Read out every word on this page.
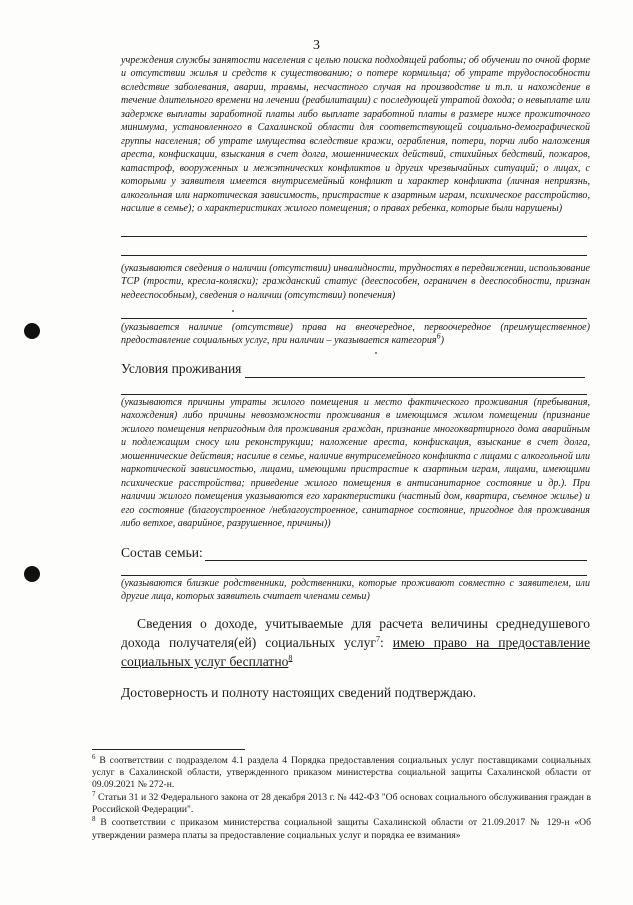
3
учреждения службы занятости населения с целью поиска подходящей работы; об обучении по очной форме и отсутствии жилья и средств к существованию; о потере кормильца; об утрате трудоспособности вследствие заболевания, аварии, травмы, несчастного случая на производстве и т.п. и нахождение в течение длительного времени на лечении (реабилитации) с последующей утратой дохода; о невыплате или задержке выплаты заработной платы либо выплате заработной платы в размере ниже прожиточного минимума, установленного в Сахалинской области для соответствующей социально-демографической группы населения; об утрате имущества вследствие кражи, ограбления, потери, порчи либо наложения ареста, конфискации, взыскания в счет долга, мошеннических действий, стихийных бедствий, пожаров, катастроф, вооруженных и межэтнических конфликтов и других чрезвычайных ситуаций; о лицах, с которыми у заявителя имеется внутрисемейный конфликт и характер конфликта (личная неприязнь, алкогольная или наркотическая зависимость, пристрастие к азартным играм, психическое расстройство, насилие в семье); о характеристиках жилого помещения; о правах ребенка, которые были нарушены)
(указываются сведения о наличии (отсутствии) инвалидности, трудностях в передвижении, использование ТСР (трости, кресла-коляски); гражданский статус (дееспособен, ограничен в дееспособности, признан недееспособным), сведения о наличии (отсутствии) попечения)
(указывается наличие (отсутствие) права на внеочередное, первоочередное (преимущественное) предоставление социальных услуг, при наличии – указывается категория$^6$)
Условия проживания
(указываются причины утраты жилого помещения и место фактического проживания (пребывания, нахождения) либо причины невозможности проживания в имеющимся жилом помещении (признание жилого помещения непригодным для проживания граждан, признание многоквартирного дома аварийным и подлежащим сносу или реконструкции; наложение ареста, конфискация, взыскание в счет долга, мошеннические действия; насилие в семье, наличие внутрисемейного конфликта с лицами с алкогольной или наркотической зависимостью, лицами, имеющими пристрастие к азартным играм, лицами, имеющими психические расстройства; приведение жилого помещения в антисанитарное состояние и др.). При наличии жилого помещения указываются его характеристики (частный дом, квартира, съемное жилье) и его состояние (благоустроенное /неблагоустроенное, санитарное состояние, пригодное для проживания либо ветхое, аварийное, разрушенное, причины))
Состав семьи:
(указываются близкие родственники, родственники, которые проживают совместно с заявителем, или другие лица, которых заявитель считает членами семьи)
Сведения о доходе, учитываемые для расчета величины среднедушевого дохода получателя(ей) социальных услуг$^7$: имею право на предоставление социальных услуг бесплатно$^8$
Достоверность и полноту настоящих сведений подтверждаю.

$^6$ В соответствии с подразделом 4.1 раздела 4 Порядка предоставления социальных услуг поставщиками социальных услуг в Сахалинской области, утвержденного приказом министерства социальной защиты Сахалинской области от 09.09.2021 № 272-н.

$^7$ Статьи 31 и 32 Федерального закона от 28 декабря 2013 г. № 442-ФЗ "Об основах социального обслуживания граждан в Российской Федерации".

$^8$ В соответствии с приказом министерства социальной защиты Сахалинской области от 21.09.2017 № 129-н «Об утверждении размера платы за предоставление социальных услуг и порядка ее взимания»
